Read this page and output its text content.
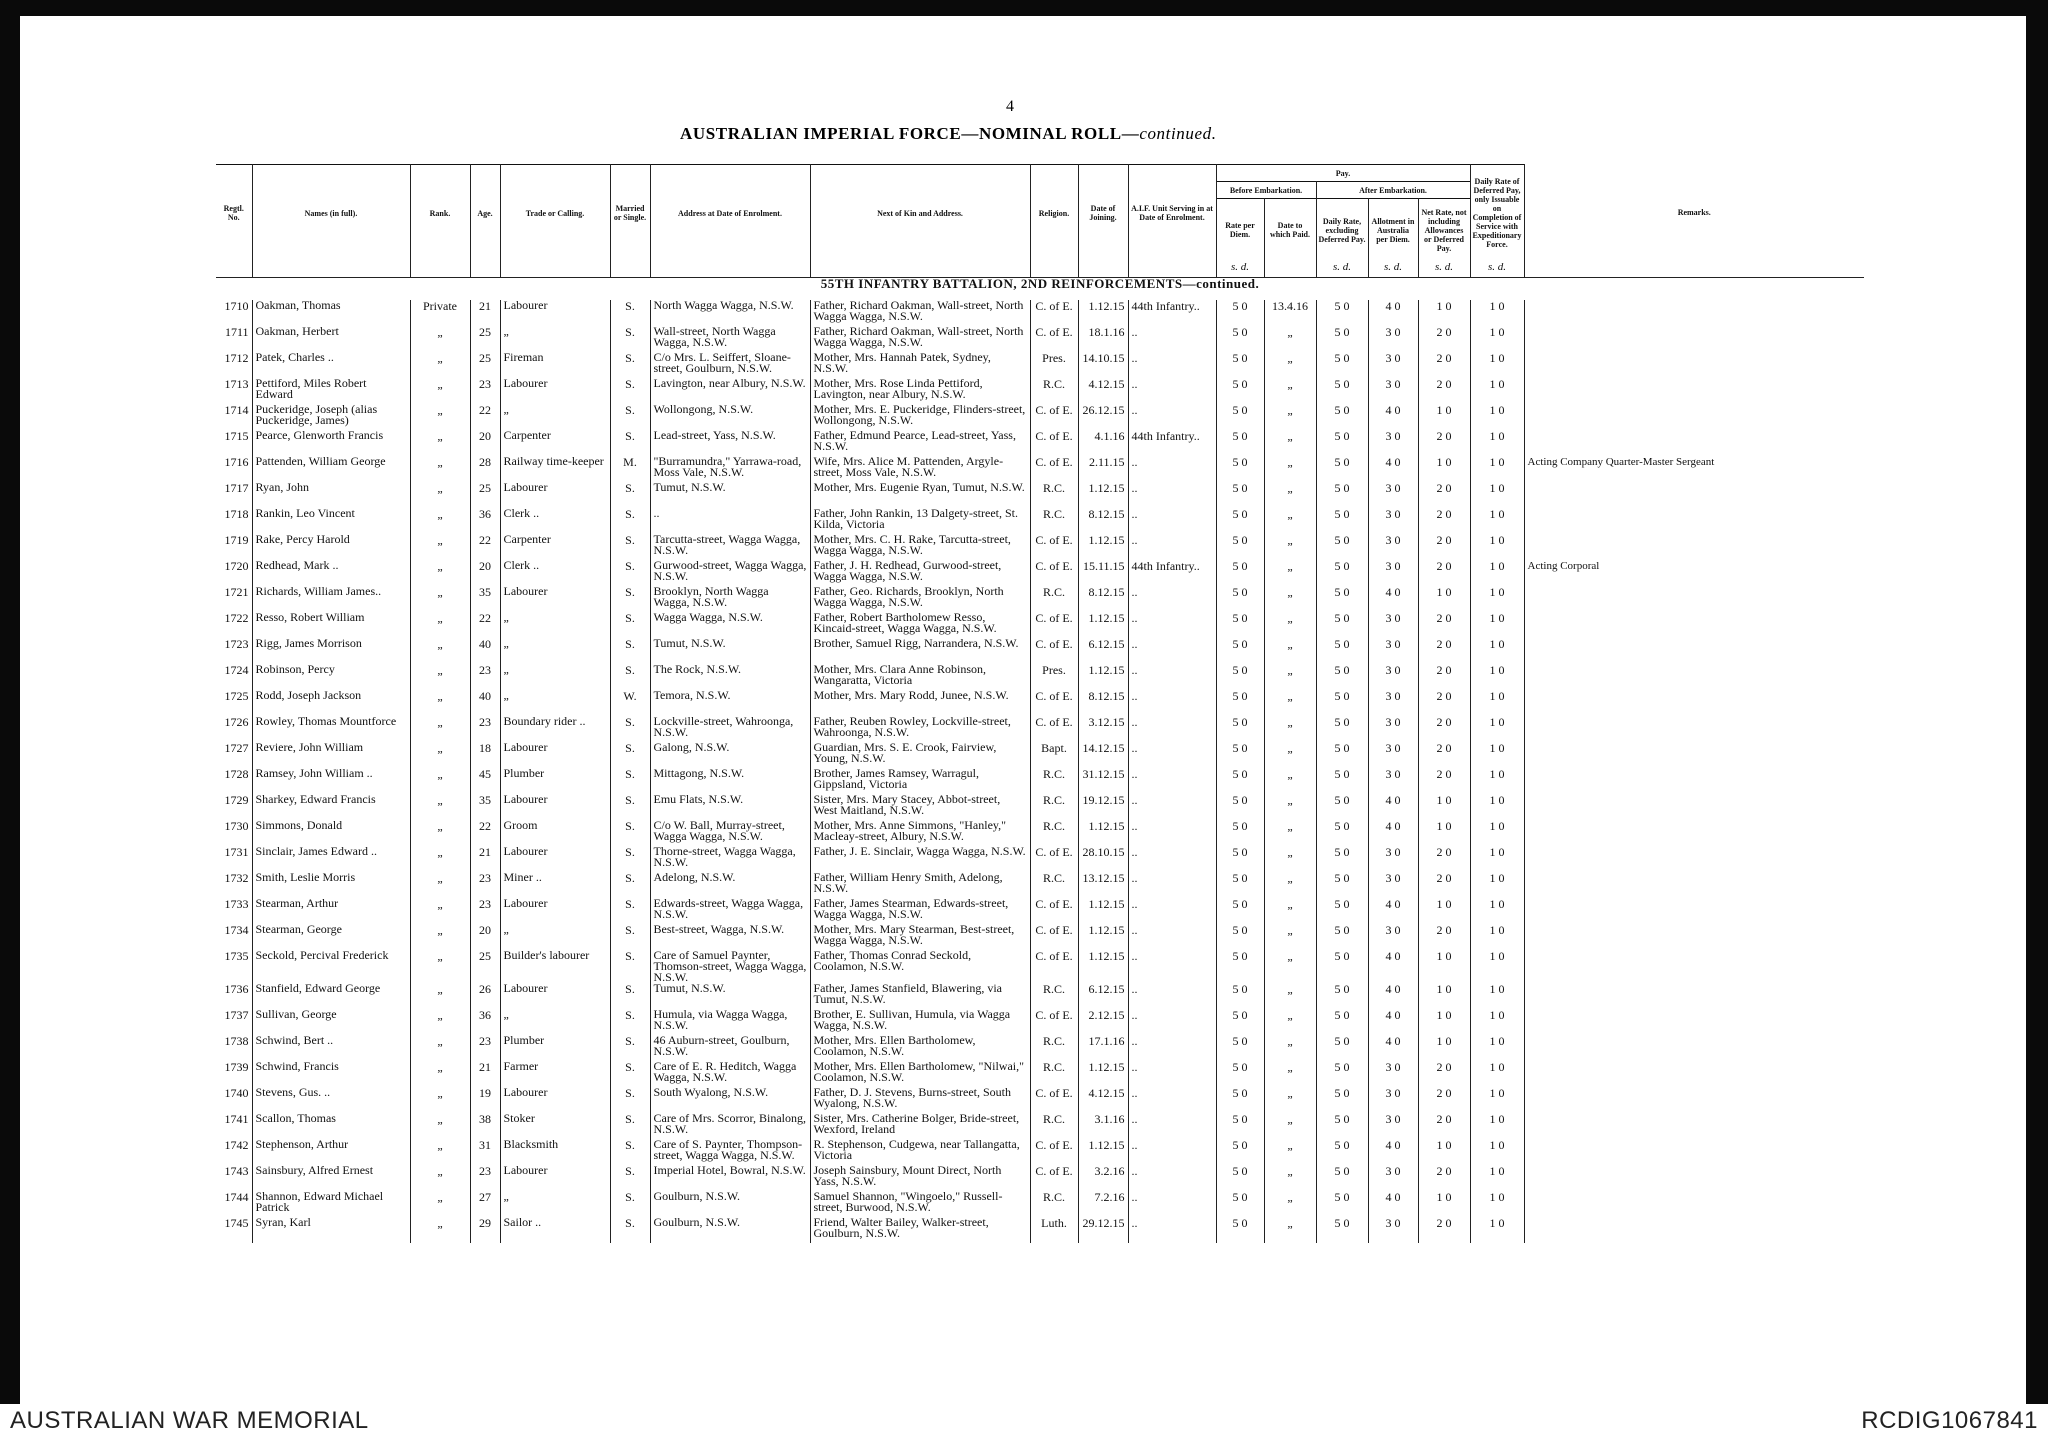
4
AUSTRALIAN IMPERIAL FORCE—NOMINAL ROLL—continued.
Regtl. No.	Names (in full).	Rank.	Age.	Trade or Calling.	Married or Single.	Address at Date of Enrolment.	Next of Kin and Address.	Religion.	Date of Joining.	A.I.F. Unit Serving in at Date of Enrolment.	Pay.					Daily Rate of Deferred Pay, only Issuable on Completion of Service with Expeditionary Force.	Remarks.
											Before Embarkation.		After Embarkation.				
											Rate per Diem.	Date to which Paid.	Daily Rate, excluding Deferred Pay.	Allotment in Australia per Diem.	Net Rate, not including Allowances or Deferred Pay.		
											s. d.		s. d.	s. d.	s. d.	s. d.	
55TH INFANTRY BATTALION, 2ND REINFORCEMENTS—continued.																	
1710	Oakman, Thomas	Private	21	Labourer	S.	North Wagga Wagga, N.S.W.	Father, Richard Oakman, Wall-street, North Wagga Wagga, N.S.W.	C. of E.	1.12.15	44th Infantry..	5 0	13.4.16	5 0	4 0	1 0	1 0	
1711	Oakman, Herbert	„	25	„	S.	Wall-street, North Wagga Wagga, N.S.W.	Father, Richard Oakman, Wall-street, North Wagga Wagga, N.S.W.	C. of E.	18.1.16	..	5 0	„	5 0	3 0	2 0	1 0	
1712	Patek, Charles ..	„	25	Fireman	S.	C/o Mrs. L. Seiffert, Sloane-street, Goulburn, N.S.W.	Mother, Mrs. Hannah Patek, Sydney, N.S.W.	Pres.	14.10.15	..	5 0	„	5 0	3 0	2 0	1 0	
1713	Pettiford, Miles Robert Edward	„	23	Labourer	S.	Lavington, near Albury, N.S.W.	Mother, Mrs. Rose Linda Pettiford, Lavington, near Albury, N.S.W.	R.C.	4.12.15	..	5 0	„	5 0	3 0	2 0	1 0	
1714	Puckeridge, Joseph (alias Puckeridge, James)	„	22	„	S.	Wollongong, N.S.W.	Mother, Mrs. E. Puckeridge, Flinders-street, Wollongong, N.S.W.	C. of E.	26.12.15	..	5 0	„	5 0	4 0	1 0	1 0	
1715	Pearce, Glenworth Francis	„	20	Carpenter	S.	Lead-street, Yass, N.S.W.	Father, Edmund Pearce, Lead-street, Yass, N.S.W.	C. of E.	4.1.16	44th Infantry..	5 0	„	5 0	3 0	2 0	1 0	
1716	Pattenden, William George	„	28	Railway time-keeper	M.	"Burramundra," Yarrawa-road, Moss Vale, N.S.W.	Wife, Mrs. Alice M. Pattenden, Argyle-street, Moss Vale, N.S.W.	C. of E.	2.11.15	..	5 0	„	5 0	4 0	1 0	1 0	Acting Company Quarter-Master Sergeant
1717	Ryan, John	„	25	Labourer	S.	Tumut, N.S.W.	Mother, Mrs. Eugenie Ryan, Tumut, N.S.W.	R.C.	1.12.15	..	5 0	„	5 0	3 0	2 0	1 0	
1718	Rankin, Leo Vincent	„	36	Clerk ..	S.	..	Father, John Rankin, 13 Dalgety-street, St. Kilda, Victoria	R.C.	8.12.15	..	5 0	„	5 0	3 0	2 0	1 0	
1719	Rake, Percy Harold	„	22	Carpenter	S.	Tarcutta-street, Wagga Wagga, N.S.W.	Mother, Mrs. C. H. Rake, Tarcutta-street, Wagga Wagga, N.S.W.	C. of E.	1.12.15	..	5 0	„	5 0	3 0	2 0	1 0	
1720	Redhead, Mark ..	„	20	Clerk ..	S.	Gurwood-street, Wagga Wagga, N.S.W.	Father, J. H. Redhead, Gurwood-street, Wagga Wagga, N.S.W.	C. of E.	15.11.15	44th Infantry..	5 0	„	5 0	3 0	2 0	1 0	Acting Corporal
1721	Richards, William James..	„	35	Labourer	S.	Brooklyn, North Wagga Wagga, N.S.W.	Father, Geo. Richards, Brooklyn, North Wagga Wagga, N.S.W.	R.C.	8.12.15	..	5 0	„	5 0	4 0	1 0	1 0	
1722	Resso, Robert William	„	22	„	S.	Wagga Wagga, N.S.W.	Father, Robert Bartholomew Resso, Kincaid-street, Wagga Wagga, N.S.W.	C. of E.	1.12.15	..	5 0	„	5 0	3 0	2 0	1 0	
1723	Rigg, James Morrison	„	40	„	S.	Tumut, N.S.W.	Brother, Samuel Rigg, Narrandera, N.S.W.	C. of E.	6.12.15	..	5 0	„	5 0	3 0	2 0	1 0	
1724	Robinson, Percy	„	23	„	S.	The Rock, N.S.W.	Mother, Mrs. Clara Anne Robinson, Wangaratta, Victoria	Pres.	1.12.15	..	5 0	„	5 0	3 0	2 0	1 0	
1725	Rodd, Joseph Jackson	„	40	„	W.	Temora, N.S.W.	Mother, Mrs. Mary Rodd, Junee, N.S.W.	C. of E.	8.12.15	..	5 0	„	5 0	3 0	2 0	1 0	
1726	Rowley, Thomas Mountforce	„	23	Boundary rider ..	S.	Lockville-street, Wahroonga, N.S.W.	Father, Reuben Rowley, Lockville-street, Wahroonga, N.S.W.	C. of E.	3.12.15	..	5 0	„	5 0	3 0	2 0	1 0	
1727	Reviere, John William	„	18	Labourer	S.	Galong, N.S.W.	Guardian, Mrs. S. E. Crook, Fairview, Young, N.S.W.	Bapt.	14.12.15	..	5 0	„	5 0	3 0	2 0	1 0	
1728	Ramsey, John William ..	„	45	Plumber	S.	Mittagong, N.S.W.	Brother, James Ramsey, Warragul, Gippsland, Victoria	R.C.	31.12.15	..	5 0	„	5 0	3 0	2 0	1 0	
1729	Sharkey, Edward Francis	„	35	Labourer	S.	Emu Flats, N.S.W.	Sister, Mrs. Mary Stacey, Abbot-street, West Maitland, N.S.W.	R.C.	19.12.15	..	5 0	„	5 0	4 0	1 0	1 0	
1730	Simmons, Donald	„	22	Groom	S.	C/o W. Ball, Murray-street, Wagga Wagga, N.S.W.	Mother, Mrs. Anne Simmons, "Hanley," Macleay-street, Albury, N.S.W.	R.C.	1.12.15	..	5 0	„	5 0	4 0	1 0	1 0	
1731	Sinclair, James Edward ..	„	21	Labourer	S.	Thorne-street, Wagga Wagga, N.S.W.	Father, J. E. Sinclair, Wagga Wagga, N.S.W.	C. of E.	28.10.15	..	5 0	„	5 0	3 0	2 0	1 0	
1732	Smith, Leslie Morris	„	23	Miner ..	S.	Adelong, N.S.W.	Father, William Henry Smith, Adelong, N.S.W.	R.C.	13.12.15	..	5 0	„	5 0	3 0	2 0	1 0	
1733	Stearman, Arthur	„	23	Labourer	S.	Edwards-street, Wagga Wagga, N.S.W.	Father, James Stearman, Edwards-street, Wagga Wagga, N.S.W.	C. of E.	1.12.15	..	5 0	„	5 0	4 0	1 0	1 0	
1734	Stearman, George	„	20	„	S.	Best-street, Wagga, N.S.W.	Mother, Mrs. Mary Stearman, Best-street, Wagga Wagga, N.S.W.	C. of E.	1.12.15	..	5 0	„	5 0	3 0	2 0	1 0	
1735	Seckold, Percival Frederick	„	25	Builder's labourer	S.	Care of Samuel Paynter, Thomson-street, Wagga Wagga, N.S.W.	Father, Thomas Conrad Seckold, Coolamon, N.S.W.	C. of E.	1.12.15	..	5 0	„	5 0	4 0	1 0	1 0	
1736	Stanfield, Edward George	„	26	Labourer	S.	Tumut, N.S.W.	Father, James Stanfield, Blawering, via Tumut, N.S.W.	R.C.	6.12.15	..	5 0	„	5 0	4 0	1 0	1 0	
1737	Sullivan, George	„	36	„	S.	Humula, via Wagga Wagga, N.S.W.	Brother, E. Sullivan, Humula, via Wagga Wagga, N.S.W.	C. of E.	2.12.15	..	5 0	„	5 0	4 0	1 0	1 0	
1738	Schwind, Bert ..	„	23	Plumber	S.	46 Auburn-street, Goulburn, N.S.W.	Mother, Mrs. Ellen Bartholomew, Coolamon, N.S.W.	R.C.	17.1.16	..	5 0	„	5 0	4 0	1 0	1 0	
1739	Schwind, Francis	„	21	Farmer	S.	Care of E. R. Heditch, Wagga Wagga, N.S.W.	Mother, Mrs. Ellen Bartholomew, "Nilwai," Coolamon, N.S.W.	R.C.	1.12.15	..	5 0	„	5 0	3 0	2 0	1 0	
1740	Stevens, Gus. ..	„	19	Labourer	S.	South Wyalong, N.S.W.	Father, D. J. Stevens, Burns-street, South Wyalong, N.S.W.	C. of E.	4.12.15	..	5 0	„	5 0	3 0	2 0	1 0	
1741	Scallon, Thomas	„	38	Stoker	S.	Care of Mrs. Scorror, Binalong, N.S.W.	Sister, Mrs. Catherine Bolger, Bride-street, Wexford, Ireland	R.C.	3.1.16	..	5 0	„	5 0	3 0	2 0	1 0	
1742	Stephenson, Arthur	„	31	Blacksmith	S.	Care of S. Paynter, Thompson-street, Wagga Wagga, N.S.W.	R. Stephenson, Cudgewa, near Tallangatta, Victoria	C. of E.	1.12.15	..	5 0	„	5 0	4 0	1 0	1 0	
1743	Sainsbury, Alfred Ernest	„	23	Labourer	S.	Imperial Hotel, Bowral, N.S.W.	Joseph Sainsbury, Mount Direct, North Yass, N.S.W.	C. of E.	3.2.16	..	5 0	„	5 0	3 0	2 0	1 0	
1744	Shannon, Edward Michael Patrick	„	27	„	S.	Goulburn, N.S.W.	Samuel Shannon, "Wingoelo," Russell-street, Burwood, N.S.W.	R.C.	7.2.16	..	5 0	„	5 0	4 0	1 0	1 0	
1745	Syran, Karl	„	29	Sailor ..	S.	Goulburn, N.S.W.	Friend, Walter Bailey, Walker-street, Goulburn, N.S.W.	Luth.	29.12.15	..	5 0	„	5 0	3 0	2 0	1 0	
AUSTRALIAN WAR MEMORIAL	RCDIG1067841
